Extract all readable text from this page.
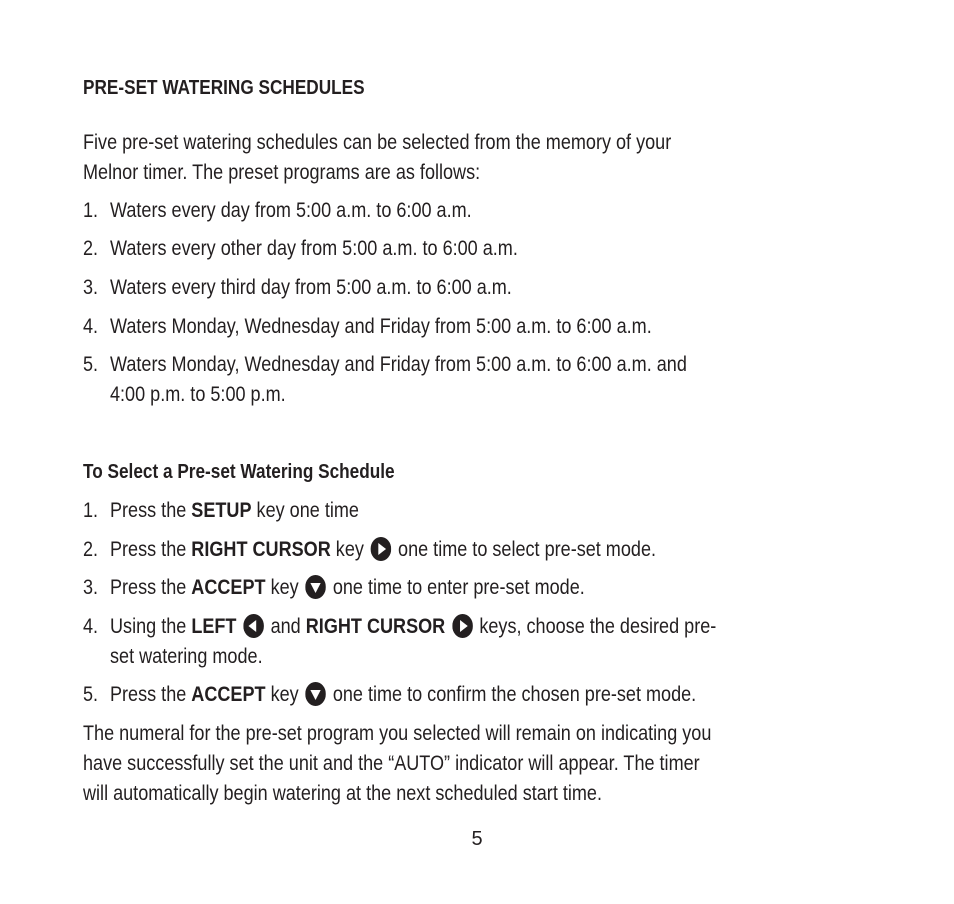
PRE-SET WATERING SCHEDULES
Five pre-set watering schedules can be selected from the memory of your
Melnor timer. The preset programs are as follows:
1. Waters every day from 5:00 a.m. to 6:00 a.m.
2. Waters every other day from 5:00 a.m. to 6:00 a.m.
3. Waters every third day from 5:00 a.m. to 6:00 a.m.
4. Waters Monday, Wednesday and Friday from 5:00 a.m. to 6:00 a.m.
5. Waters Monday, Wednesday and Friday from 5:00 a.m. to 6:00 a.m. and
4:00 p.m. to 5:00 p.m.
To Select a Pre-set Watering Schedule
1. Press the SETUP key one time
2. Press the RIGHT CURSOR key
one time to select pre-set mode.
3. Press the ACCEPT key
one time to enter pre-set mode.
4. Using the LEFT
and RIGHT CURSOR
keys, choose the desired pre-
set watering mode.
5. Press the ACCEPT key
one time to confirm the chosen pre-set mode.
The numeral for the pre-set program you selected will remain on indicating you
have successfully set the unit and the “AUTO” indicator will appear. The timer
will automatically begin watering at the next scheduled start time.
5
